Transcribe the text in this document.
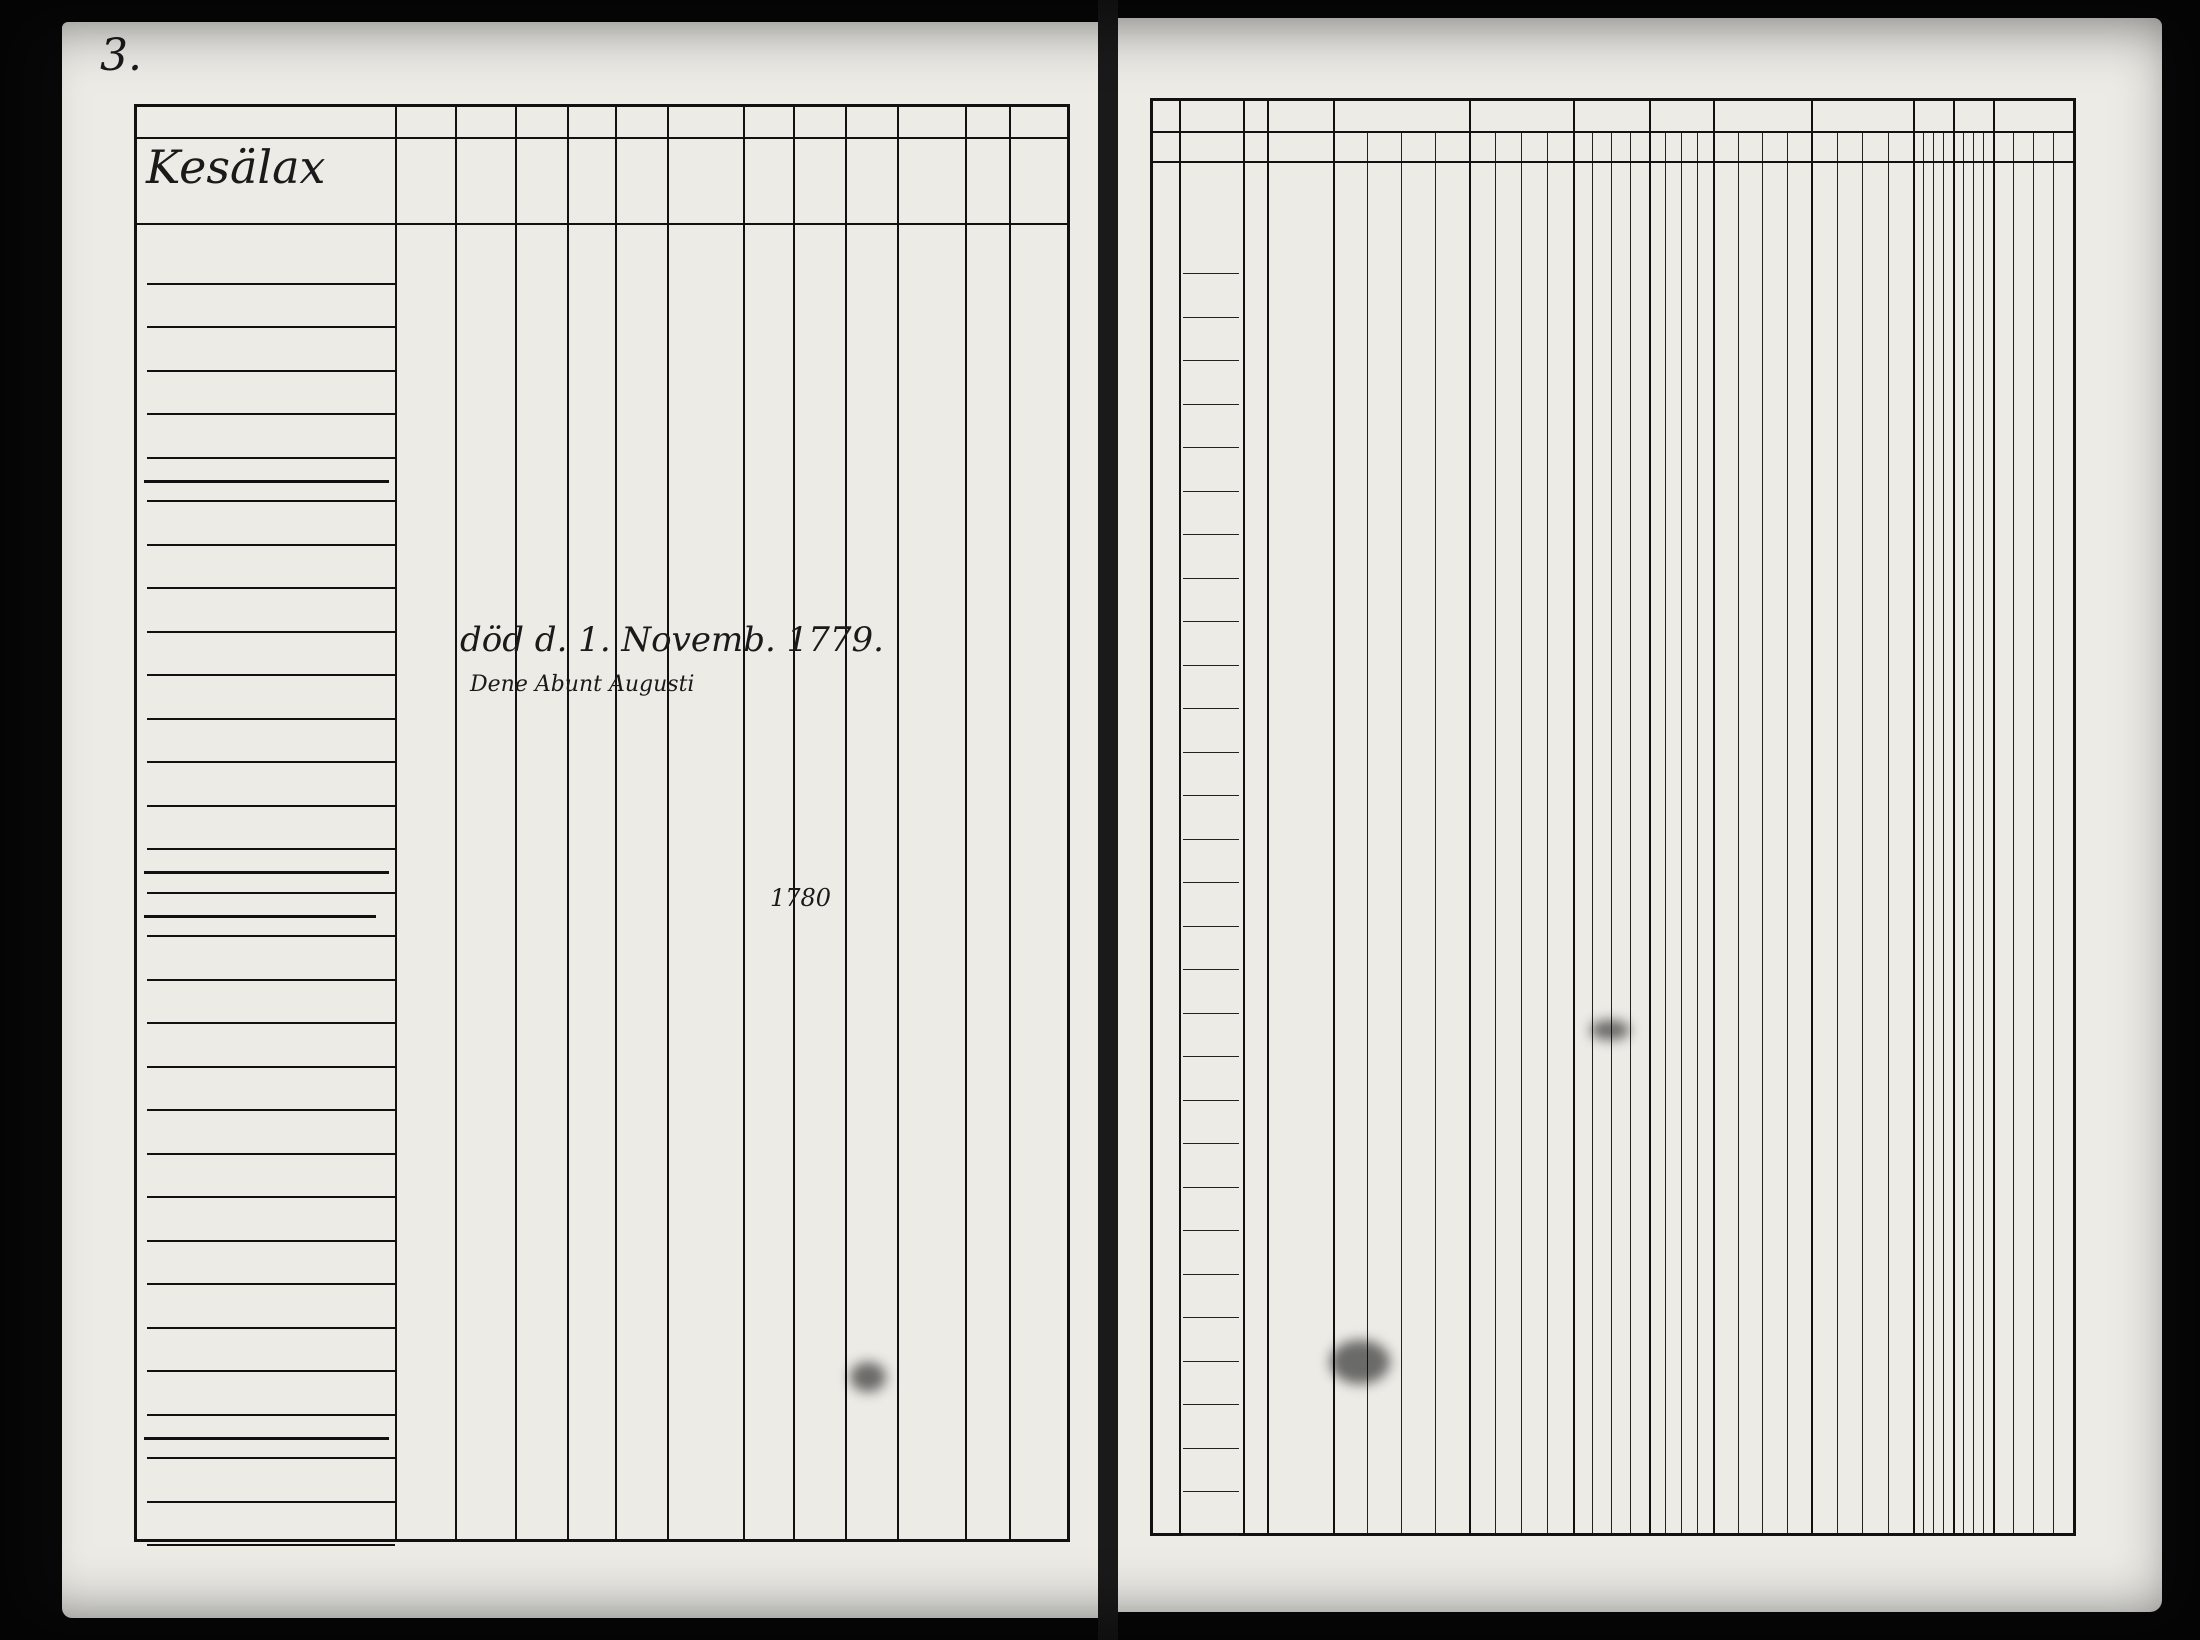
3.
Kesälax
död d. 1. Novemb. 1779.
Dene Abunt Augusti
1780
